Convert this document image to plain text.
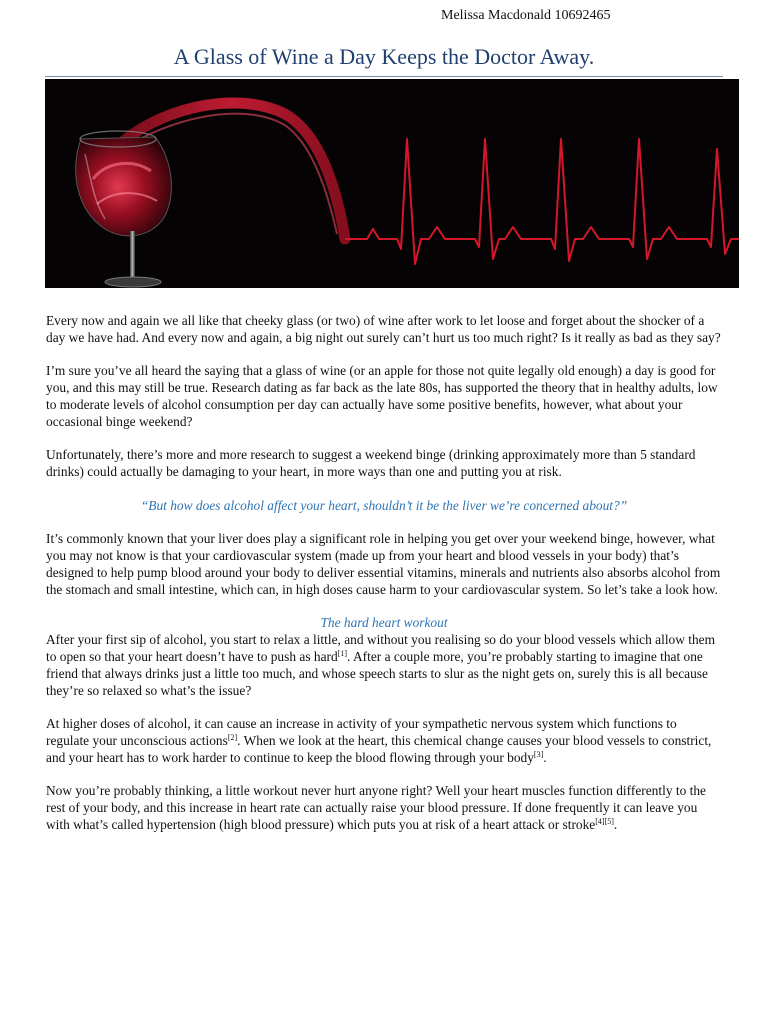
Melissa Macdonald 10692465
A Glass of Wine a Day Keeps the Doctor Away.

Every now and again we all like that cheeky glass (or two) of wine after work to let loose and forget about the shocker of a day we have had. And every now and again, a big night out surely can’t hurt us too much right? Is it really as bad as they say?

I’m sure you’ve all heard the saying that a glass of wine (or an apple for those not quite legally old enough) a day is good for you, and this may still be true. Research dating as far back as the late 80s, has supported the theory that in healthy adults, low to moderate levels of alcohol consumption per day can actually have some positive benefits, however, what about your occasional binge weekend?

Unfortunately, there’s more and more research to suggest a weekend binge (drinking approximately more than 5 standard drinks) could actually be damaging to your heart, in more ways than one and putting you at risk.

“But how does alcohol affect your heart, shouldn’t it be the liver we’re concerned about?”

It’s commonly known that your liver does play a significant role in helping you get over your weekend binge, however, what you may not know is that your cardiovascular system (made up from your heart and blood vessels in your body) that’s designed to help pump blood around your body to deliver essential vitamins, minerals and nutrients also absorbs alcohol from the stomach and small intestine, which can, in high doses cause harm to your cardiovascular system. So let’s take a look how.

The hard heart workout

After your first sip of alcohol, you start to relax a little, and without you realising so do your blood vessels which allow them to open so that your heart doesn’t have to push as hard[1]. After a couple more, you’re probably starting to imagine that one friend that always drinks just a little too much, and whose speech starts to slur as the night gets on, surely this is all because they’re so relaxed so what’s the issue?

At higher doses of alcohol, it can cause an increase in activity of your sympathetic nervous system which functions to regulate your unconscious actions[2]. When we look at the heart, this chemical change causes your blood vessels to constrict, and your heart has to work harder to continue to keep the blood flowing through your body[3].

Now you’re probably thinking, a little workout never hurt anyone right? Well your heart muscles function differently to the rest of your body, and this increase in heart rate can actually raise your blood pressure. If done frequently it can leave you with what’s called hypertension (high blood pressure) which puts you at risk of a heart attack or stroke[4][5].
